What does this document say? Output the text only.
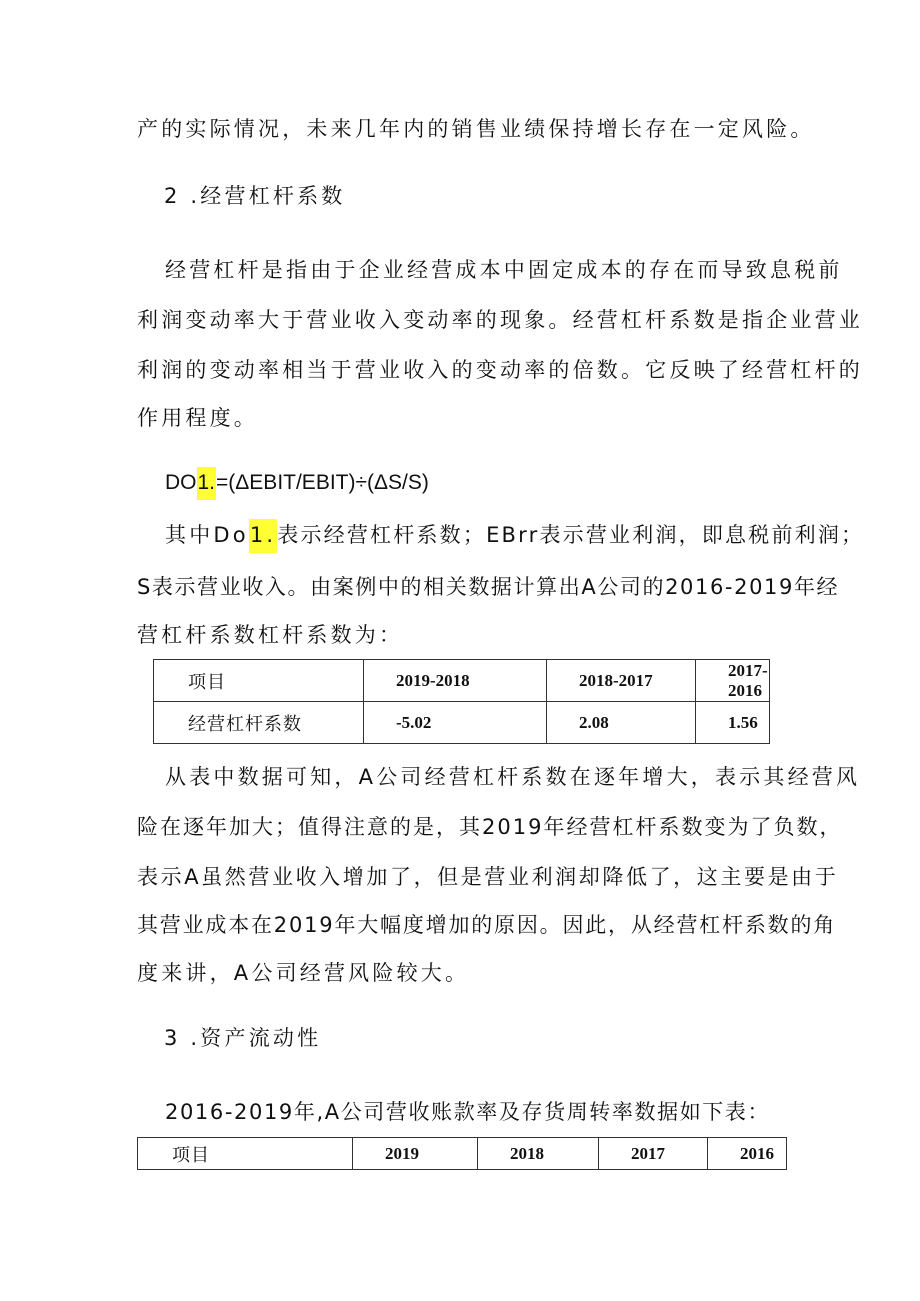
产的实际情况，未来几年内的销售业绩保持增长存在一定风险。
2 .经营杠杆系数
经营杠杆是指由于企业经营成本中固定成本的存在而导致息税前
利润变动率大于营业收入变动率的现象。经营杠杆系数是指企业营业
利润的变动率相当于营业收入的变动率的倍数。它反映了经营杠杆的
作用程度。
DO1.=(ΔEBIT/EBIT)÷(ΔS/S)
其中Do1.表示经营杠杆系数；EBrr表示营业利润，即息税前利润；
S表示营业收入。由案例中的相关数据计算出A公司的2016-2019年经
营杠杆系数杠杆系数为：
项目	2019-2018	2018-2017	2017-2016
经营杠杆系数	-5.02	2.08	1.56
从表中数据可知，A公司经营杠杆系数在逐年增大，表示其经营风
险在逐年加大；值得注意的是，其2019年经营杠杆系数变为了负数，
表示A虽然营业收入增加了，但是营业利润却降低了，这主要是由于
其营业成本在2019年大幅度增加的原因。因此，从经营杠杆系数的角
度来讲，A公司经营风险较大。
3 .资产流动性
2016-2019年,A公司营收账款率及存货周转率数据如下表：
项目	2019	2018	2017	2016
